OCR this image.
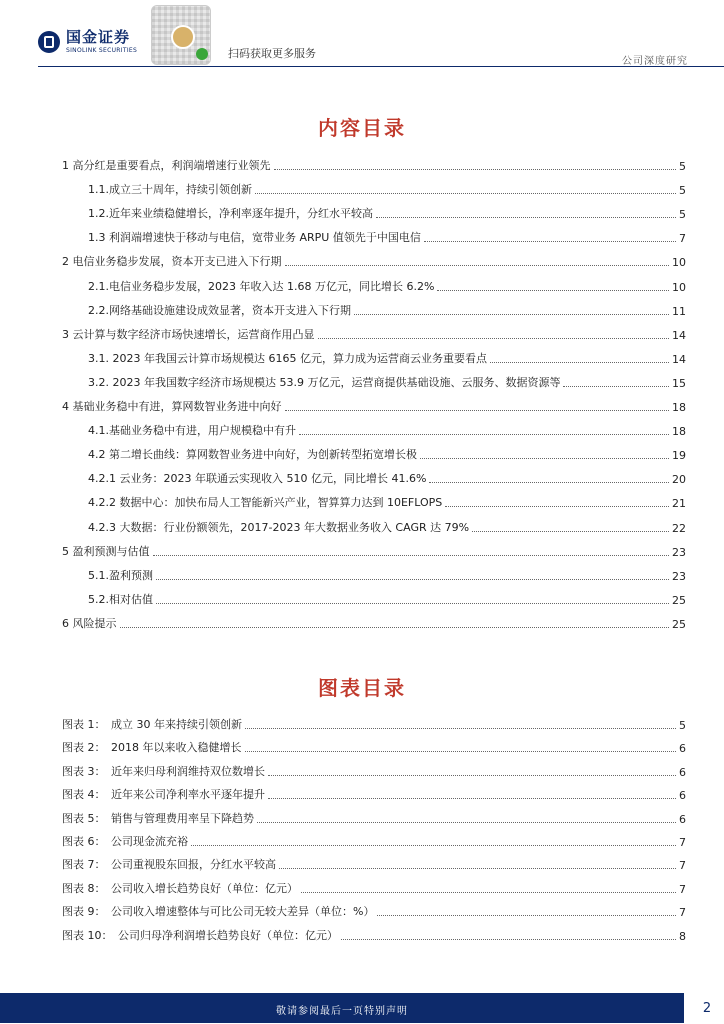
国金证券
SINOLINK SECURITIES	扫码获取更多服务
公司深度研究
内容目录
1 高分红是重要看点，利润端增速行业领先	5
1.1.成立三十周年，持续引领创新	5
1.2.近年来业绩稳健增长，净利率逐年提升，分红水平较高	5
1.3 利润端增速快于移动与电信，宽带业务 ARPU 值领先于中国电信	7
2 电信业务稳步发展，资本开支已进入下行期	10
2.1.电信业务稳步发展，2023 年收入达 1.68 万亿元，同比增长 6.2%	10
2.2.网络基础设施建设成效显著，资本开支进入下行期	11
3 云计算与数字经济市场快速增长，运营商作用凸显	14
3.1. 2023 年我国云计算市场规模达 6165 亿元，算力成为运营商云业务重要看点	14
3.2. 2023 年我国数字经济市场规模达 53.9 万亿元，运营商提供基础设施、云服务、数据资源等	15
4 基础业务稳中有进，算网数智业务进中向好	18
4.1.基础业务稳中有进，用户规模稳中有升	18
4.2 第二增长曲线：算网数智业务进中向好，为创新转型拓宽增长极	19
4.2.1 云业务：2023 年联通云实现收入 510 亿元，同比增长 41.6%	20
4.2.2 数据中心：加快布局人工智能新兴产业，智算算力达到 10EFLOPS	21
4.2.3 大数据：行业份额领先，2017-2023 年大数据业务收入 CAGR 达 79%	22
5 盈利预测与估值	23
5.1.盈利预测	23
5.2.相对估值	25
6 风险提示	25
图表目录
图表 1：　成立 30 年来持续引领创新	5
图表 2：　2018 年以来收入稳健增长	6
图表 3：　近年来归母利润维持双位数增长	6
图表 4：　近年来公司净利率水平逐年提升	6
图表 5：　销售与管理费用率呈下降趋势	6
图表 6：　公司现金流充裕	7
图表 7：　公司重视股东回报，分红水平较高	7
图表 8：　公司收入增长趋势良好（单位：亿元）	7
图表 9：　公司收入增速整体与可比公司无较大差异（单位：%）	7
图表 10：　公司归母净利润增长趋势良好（单位：亿元）	8
敬请参阅最后一页特别声明	2
